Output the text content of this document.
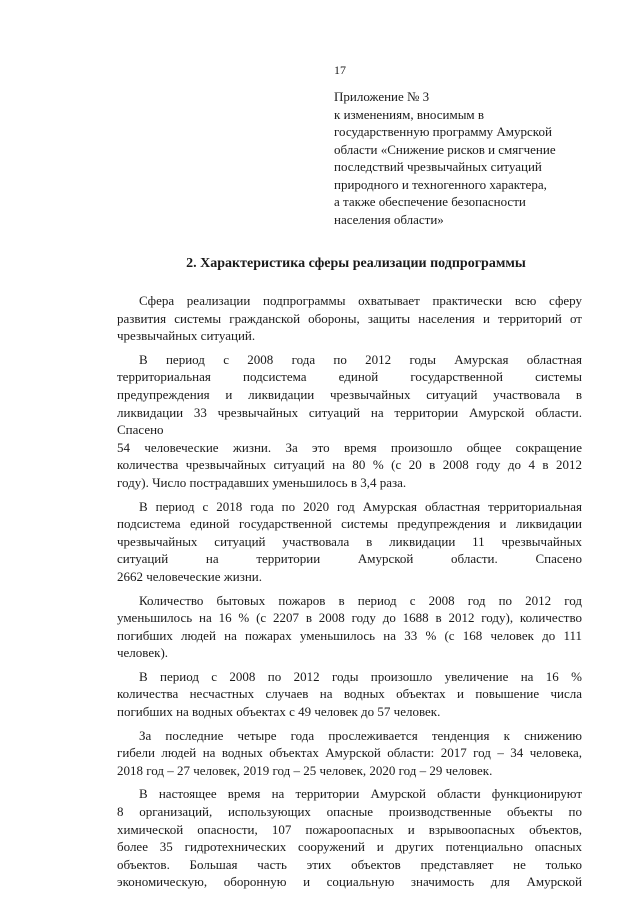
17
Приложение № 3
к изменениям, вносимым в
государственную программу Амурской
области «Снижение рисков и смягчение
последствий чрезвычайных ситуаций
природного и техногенного характера,
а также обеспечение безопасности
населения области»
2. Характеристика сферы реализации подпрограммы
Сфера реализации подпрограммы охватывает практически всю сферу
развития системы гражданской обороны, защиты населения и территорий от
чрезвычайных ситуаций.
В период с 2008 года по 2012 годы Амурская областная
территориальная подсистема единой государственной системы
предупреждения и ликвидации чрезвычайных ситуаций участвовала в
ликвидации 33 чрезвычайных ситуаций на территории Амурской области.
Спасено
54 человеческие жизни. За это время произошло общее сокращение
количества чрезвычайных ситуаций на 80 % (с 20 в 2008 году до 4 в 2012
году). Число пострадавших уменьшилось в 3,4 раза.
В период с 2018 года по 2020 год Амурская областная территориальная
подсистема единой государственной системы предупреждения и ликвидации
чрезвычайных ситуаций участвовала в ликвидации 11 чрезвычайных
ситуаций на территории Амурской области. Спасено
2662 человеческие жизни.
Количество бытовых пожаров в период с 2008 год по 2012 год
уменьшилось на 16 % (с 2207 в 2008 году до 1688 в 2012 году), количество
погибших людей на пожарах уменьшилось на 33 % (с 168 человек до 111
человек).
В период с 2008 по 2012 годы произошло увеличение на 16 %
количества несчастных случаев на водных объектах и повышение числа
погибших на водных объектах с 49 человек до 57 человек.
За последние четыре года прослеживается тенденция к снижению
гибели людей на водных объектах Амурской области: 2017 год – 34 человека,
2018 год – 27 человек, 2019 год – 25 человек, 2020 год – 29 человек.
В настоящее время на территории Амурской области функционируют
8 организаций, использующих опасные производственные объекты по
химической опасности, 107 пожароопасных и взрывоопасных объектов,
более 35 гидротехнических сооружений и других потенциально опасных
объектов. Большая часть этих объектов представляет не только
экономическую, оборонную и социальную значимость для Амурской
